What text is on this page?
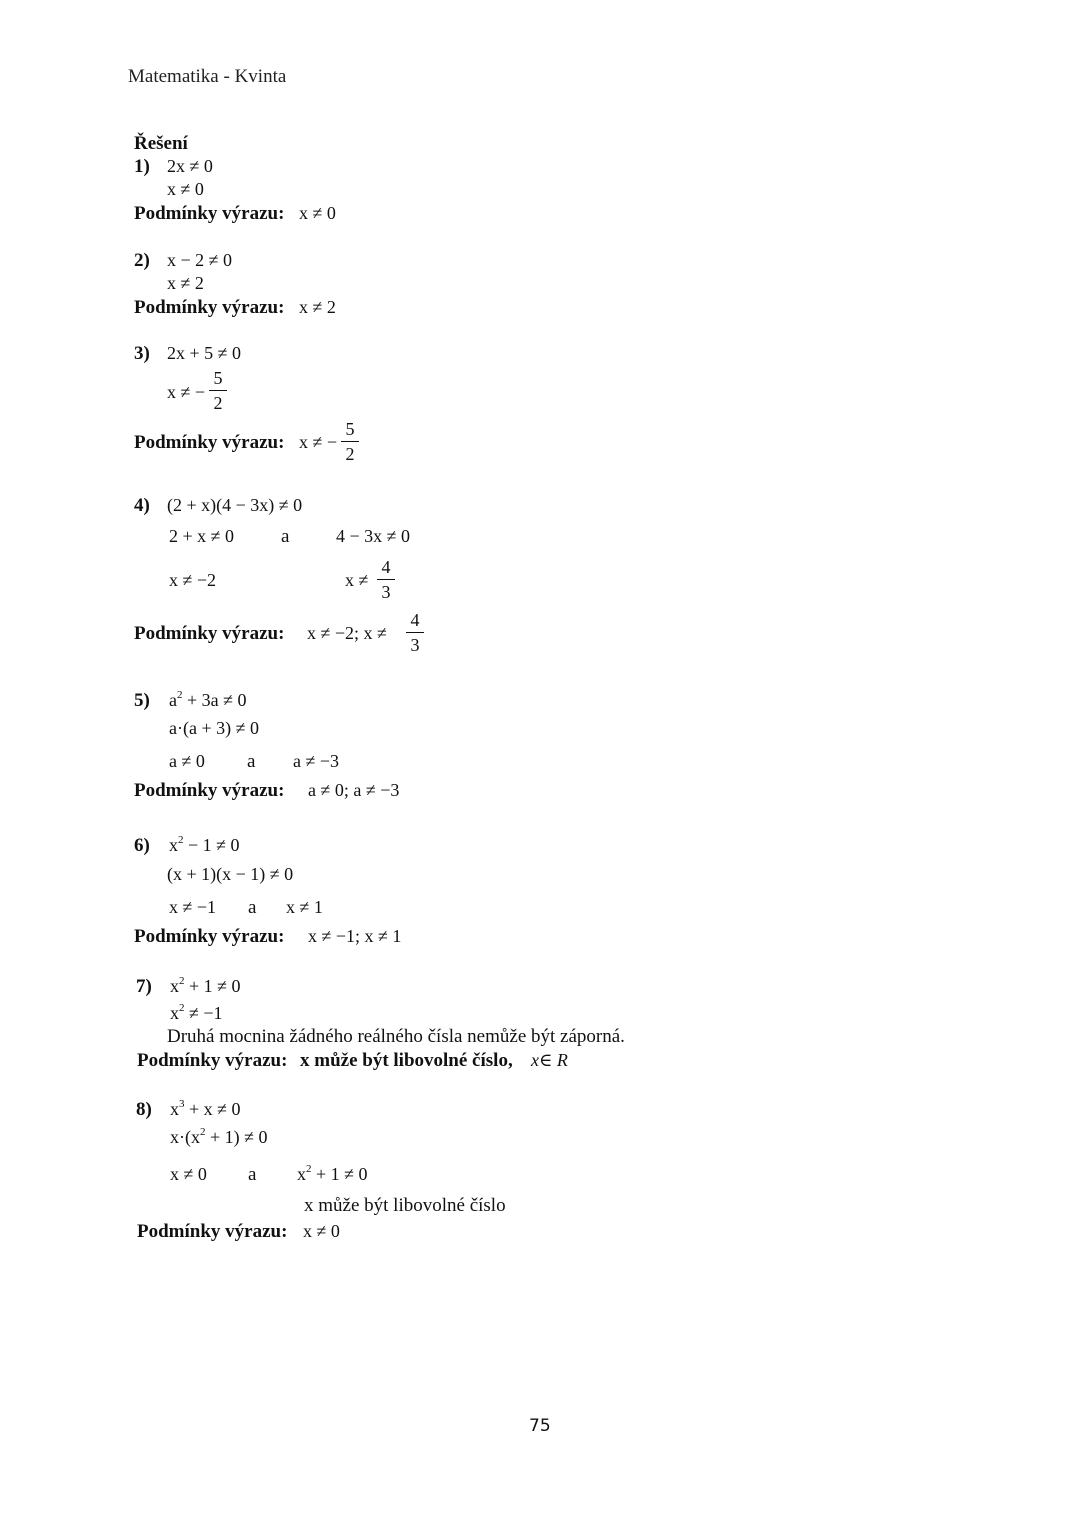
Matematika - Kvinta
Řešení
1) 2x ≠ 0
x ≠ 0
Podmínky výrazu: x ≠ 0
2) x − 2 ≠ 0
x ≠ 2
Podmínky výrazu: x ≠ 2
3) 2x + 5 ≠ 0
x ≠ −
5
2
Podmínky výrazu: x ≠ −
5
2
4) (2 + x)(4 − 3x) ≠ 0
2 + x ≠ 0 a	4 − 3x ≠ 0
x ≠ −2	x ≠
4
3
Podmínky výrazu: x ≠ −2; x ≠
4
3
5) $a^2 + 3a \ne 0$
a·(a + 3) ≠ 0
a ≠ 0 a a ≠ −3
Podmínky výrazu: a ≠ 0; a ≠ −3
6) $x^2 - 1 \ne 0$
(x + 1)(x − 1) ≠ 0
x ≠ −1 a x ≠ 1
Podmínky výrazu: x ≠ −1; x ≠ 1
7) $x^2 + 1 \ne 0$
$x^2 \ne -1$
Druhá mocnina žádného reálného čísla nemůže být záporná.
Podmínky výrazu: x může být libovolné číslo, x∈ R
8) $x^3 + x \ne 0$
$x\cdot(x^2 + 1) \ne 0$
x ≠ 0 a $x^2 + 1 \ne 0$
x může být libovolné číslo
Podmínky výrazu: x ≠ 0
75
